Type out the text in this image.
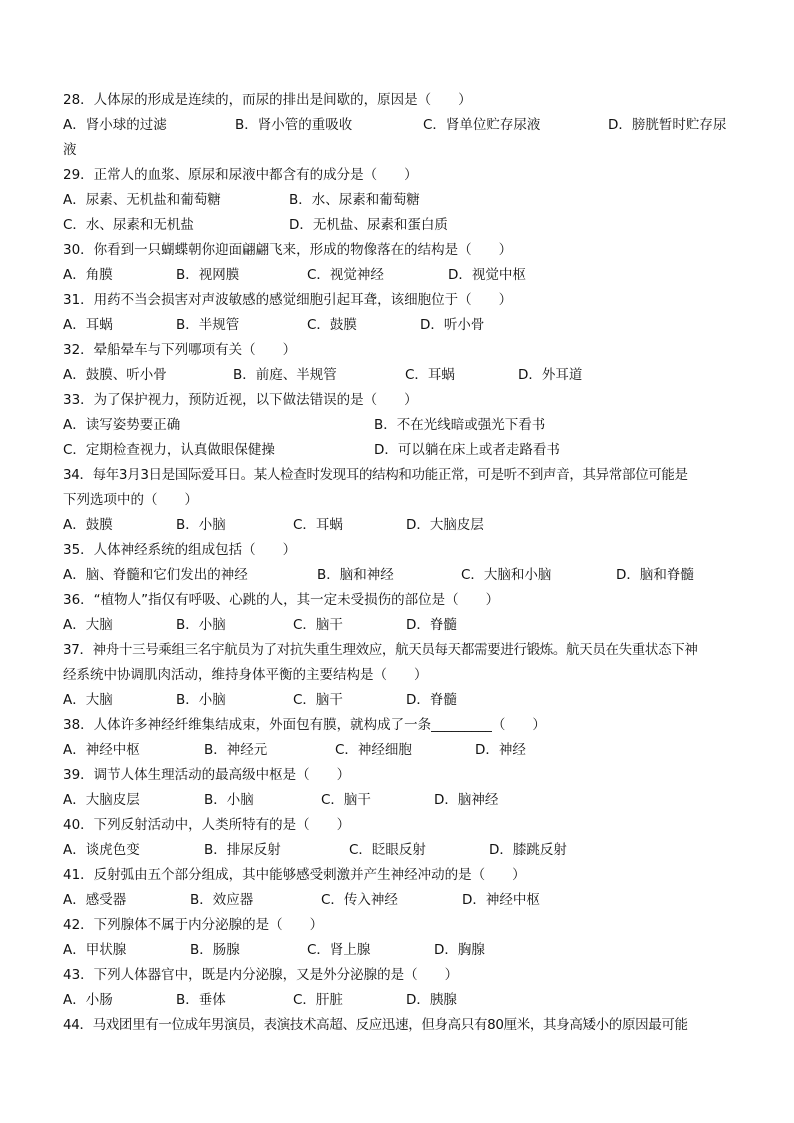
28．人体尿的形成是连续的，而尿的排出是间歇的，原因是（　　）
A．肾小球的过滤	B．肾小管的重吸收	C．肾单位贮存尿液	D．膀胱暂时贮存尿液
29．正常人的血浆、原尿和尿液中都含有的成分是（　　）
A．尿素、无机盐和葡萄糖	B．水、尿素和葡萄糖
C．水、尿素和无机盐	D．无机盐、尿素和蛋白质
30．你看到一只蝴蝶朝你迎面翩翩飞来，形成的物像落在的结构是（　　）
A．角膜	B．视网膜	C．视觉神经	D．视觉中枢
31．用药不当会损害对声波敏感的感觉细胞引起耳聋，该细胞位于（　　）
A．耳蜗	B．半规管	C．鼓膜	D．听小骨
32．晕船晕车与下列哪项有关（　　）
A．鼓膜、听小骨	B．前庭、半规管	C．耳蜗	D．外耳道
33．为了保护视力，预防近视，以下做法错误的是（　　）
A．读写姿势要正确	B．不在光线暗或强光下看书
C．定期检查视力，认真做眼保健操	D．可以躺在床上或者走路看书
34．每年3月3日是国际爱耳日。某人检查时发现耳的结构和功能正常，可是听不到声音，其异常部位可能是
下列选项中的（　　）
A．鼓膜	B．小脑	C．耳蜗	D．大脑皮层
35．人体神经系统的组成包括（　　）
A．脑、脊髓和它们发出的神经	B．脑和神经	C．大脑和小脑	D．脑和脊髓
36．“植物人”指仅有呼吸、心跳的人，其一定未受损伤的部位是（　　）
A．大脑	B．小脑	C．脑干	D．脊髓
37．神舟十三号乘组三名宇航员为了对抗失重生理效应，航天员每天都需要进行锻炼。航天员在失重状态下神
经系统中协调肌肉活动，维持身体平衡的主要结构是（　　）
A．大脑	B．小脑	C．脑干	D．脊髓
38．人体许多神经纤维集结成束，外面包有膜，就构成了一条_________（　　）
A．神经中枢	B．神经元	C．神经细胞	D．神经
39．调节人体生理活动的最高级中枢是（　　）
A．大脑皮层	B．小脑	C．脑干	D．脑神经
40．下列反射活动中，人类所特有的是（　　）
A．谈虎色变	B．排尿反射	C．眨眼反射	D．膝跳反射
41．反射弧由五个部分组成，其中能够感受刺激并产生神经冲动的是（　　）
A．感受器	B．效应器	C．传入神经	D．神经中枢
42．下列腺体不属于内分泌腺的是（　　）
A．甲状腺	B．肠腺	C．肾上腺	D．胸腺
43．下列人体器官中，既是内分泌腺，又是外分泌腺的是（　　）
A．小肠	B．垂体	C．肝脏	D．胰腺
44．马戏团里有一位成年男演员，表演技术高超、反应迅速，但身高只有80厘米，其身高矮小的原因最可能
